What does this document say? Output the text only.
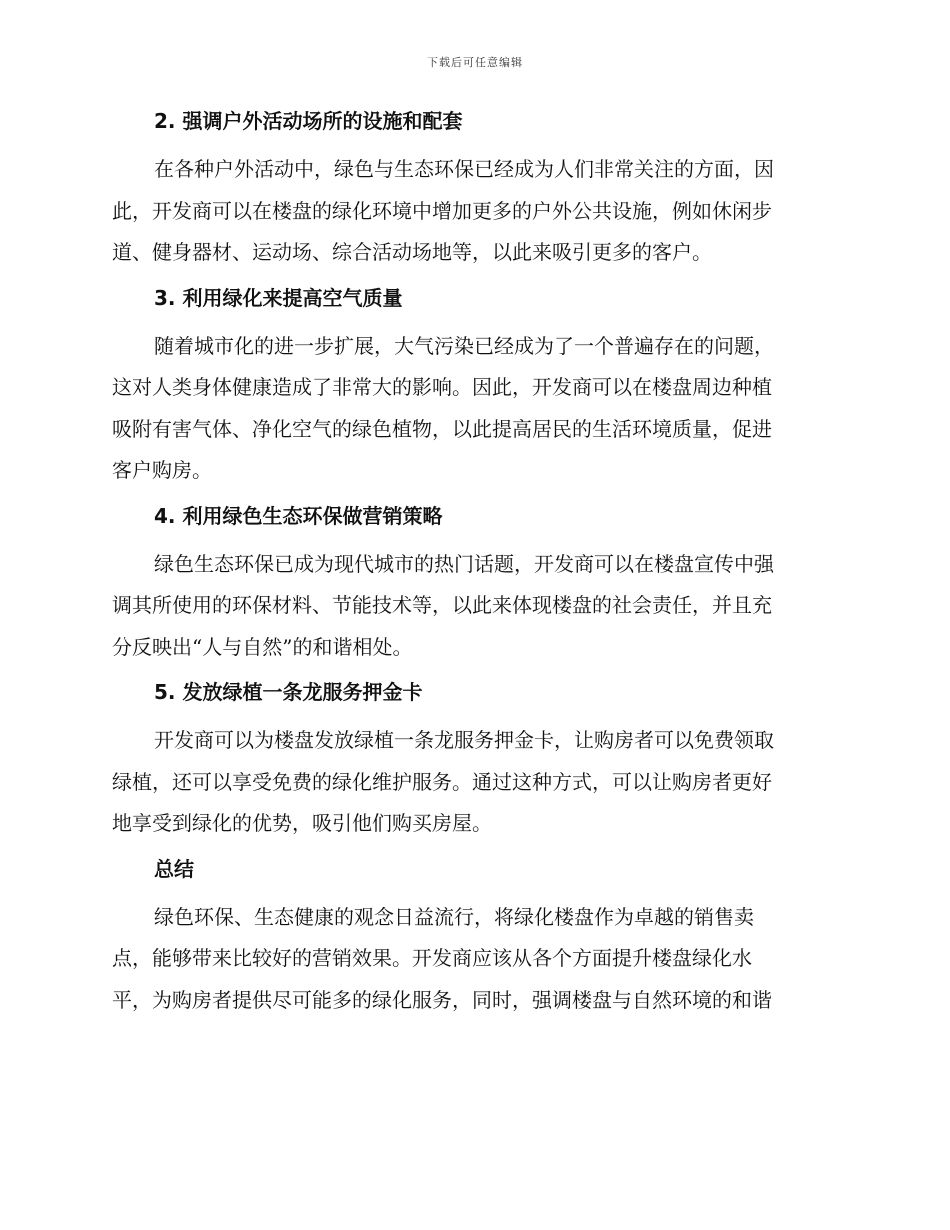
下载后可任意编辑
2. 强调户外活动场所的设施和配套
在各种户外活动中，绿色与生态环保已经成为人们非常关注的方面，因
此，开发商可以在楼盘的绿化环境中增加更多的户外公共设施，例如休闲步
道、健身器材、运动场、综合活动场地等，以此来吸引更多的客户。
3. 利用绿化来提高空气质量
随着城市化的进一步扩展，大气污染已经成为了一个普遍存在的问题，
这对人类身体健康造成了非常大的影响。因此，开发商可以在楼盘周边种植
吸附有害气体、净化空气的绿色植物，以此提高居民的生活环境质量，促进
客户购房。
4. 利用绿色生态环保做营销策略
绿色生态环保已成为现代城市的热门话题，开发商可以在楼盘宣传中强
调其所使用的环保材料、节能技术等，以此来体现楼盘的社会责任，并且充
分反映出“人与自然”的和谐相处。
5. 发放绿植一条龙服务押金卡
开发商可以为楼盘发放绿植一条龙服务押金卡，让购房者可以免费领取
绿植，还可以享受免费的绿化维护服务。通过这种方式，可以让购房者更好
地享受到绿化的优势，吸引他们购买房屋。
总结
绿色环保、生态健康的观念日益流行，将绿化楼盘作为卓越的销售卖
点，能够带来比较好的营销效果。开发商应该从各个方面提升楼盘绿化水
平，为购房者提供尽可能多的绿化服务，同时，强调楼盘与自然环境的和谐
